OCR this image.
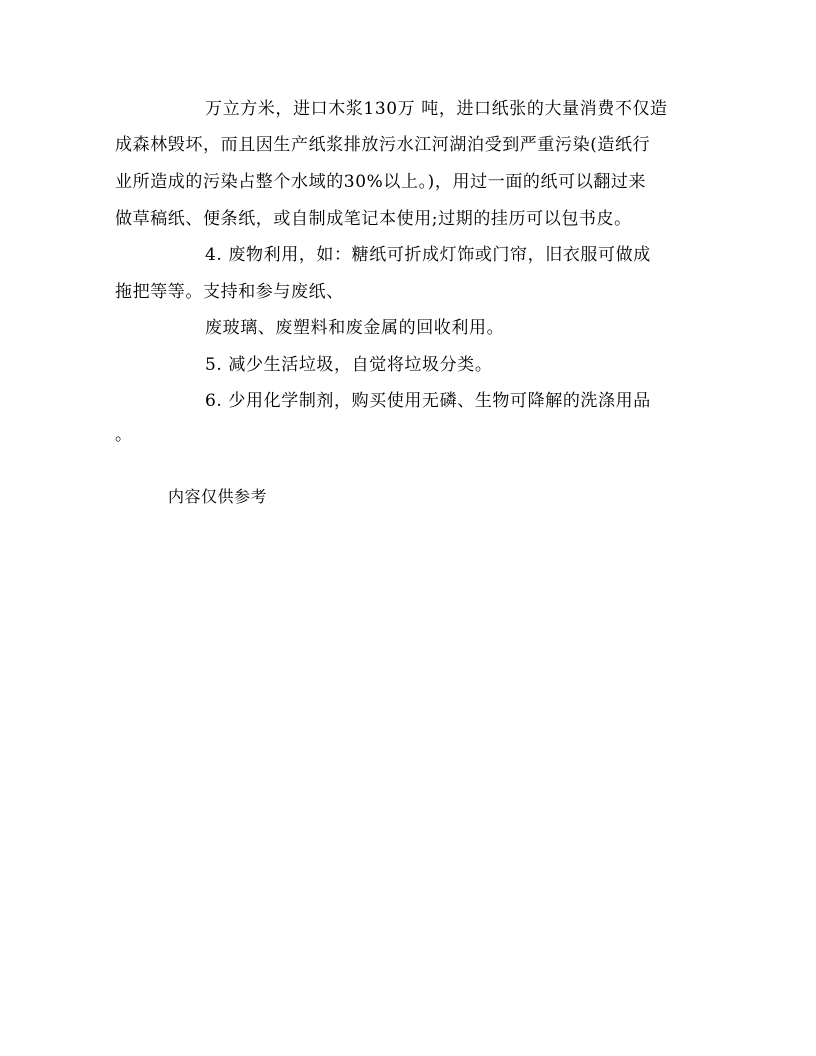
万立方米，进口木浆130万 吨，进口纸张的大量消费不仅造
成森林毁坏，而且因生产纸浆排放污水江河湖泊受到严重污染(造纸行
业所造成的污染占整个水域的30%以上。)，用过一面的纸可以翻过来
做草稿纸、便条纸，或自制成笔记本使用;过期的挂历可以包书皮。
4. 废物利用，如：糖纸可折成灯饰或门帘，旧衣服可做成
拖把等等。支持和参与废纸、
废玻璃、废塑料和废金属的回收利用。
5. 减少生活垃圾，自觉将垃圾分类。
6. 少用化学制剂，购买使用无磷、生物可降解的洗涤用品
。
内容仅供参考
